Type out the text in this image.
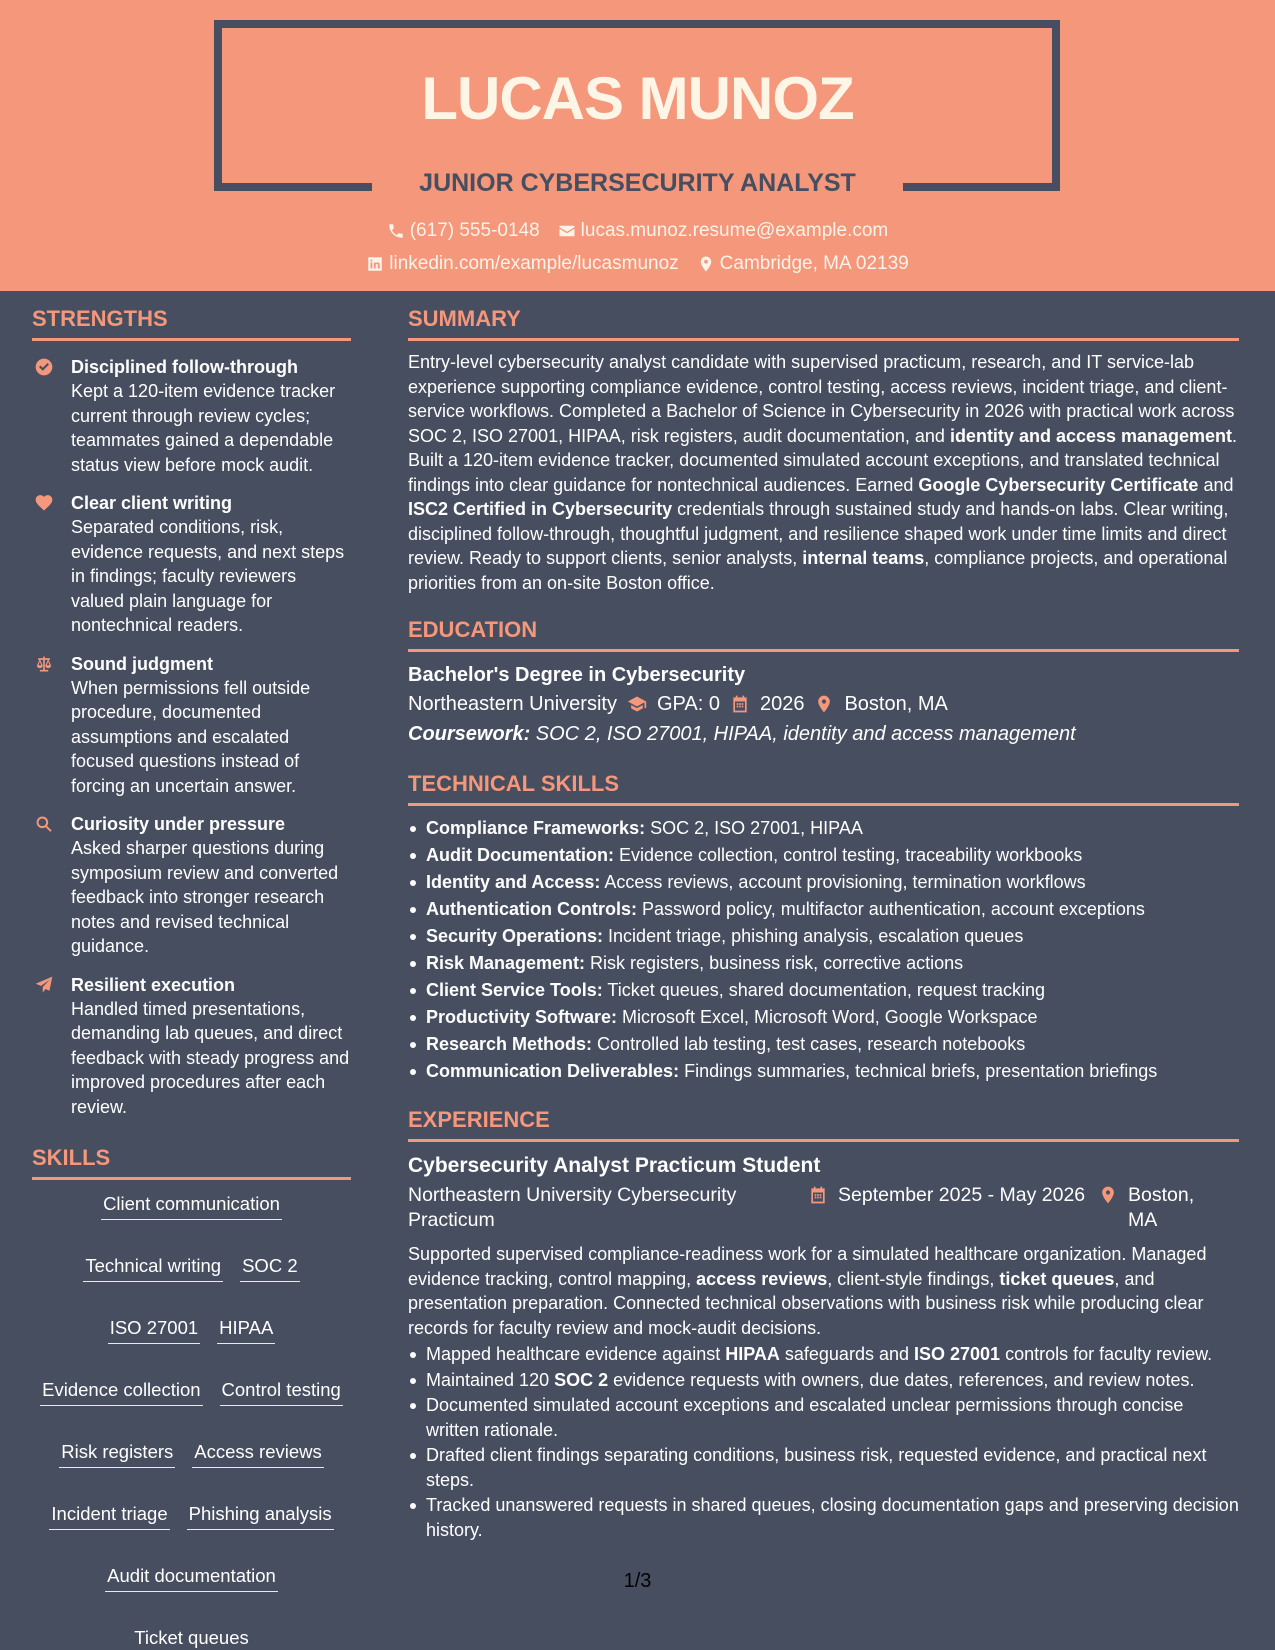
LUCAS MUNOZ
JUNIOR CYBERSECURITY ANALYST
(617) 555-0148 lucas.munoz.resume@example.com
linkedin.com/example/lucasmunoz Cambridge, MA 02139
STRENGTHS
Disciplined follow-through
Kept a 120-item evidence tracker current through review cycles; teammates gained a dependable status view before mock audit.
Clear client writing
Separated conditions, risk, evidence requests, and next steps in findings; faculty reviewers valued plain language for nontechnical readers.
Sound judgment
When permissions fell outside procedure, documented assumptions and escalated focused questions instead of forcing an uncertain answer.
Curiosity under pressure
Asked sharper questions during symposium review and converted feedback into stronger research notes and revised technical guidance.
Resilient execution
Handled timed presentations, demanding lab queues, and direct feedback with steady progress and improved procedures after each review.
SKILLS
Client communication
Technical writing SOC 2
ISO 27001 HIPAA
Evidence collection Control testing
Risk registers Access reviews
Incident triage Phishing analysis
Audit documentation
Ticket queues
SUMMARY

Entry-level cybersecurity analyst candidate with supervised practicum, research, and IT service-lab experience supporting compliance evidence, control testing, access reviews, incident triage, and client-service workflows. Completed a Bachelor of Science in Cybersecurity in 2026 with practical work across SOC 2, ISO 27001, HIPAA, risk registers, audit documentation, and identity and access management. Built a 120-item evidence tracker, documented simulated account exceptions, and translated technical findings into clear guidance for nontechnical audiences. Earned Google Cybersecurity Certificate and ISC2 Certified in Cybersecurity credentials through sustained study and hands-on labs. Clear writing, disciplined follow-through, thoughtful judgment, and resilience shaped work under time limits and direct review. Ready to support clients, senior analysts, internal teams, compliance projects, and operational priorities from an on-site Boston office.

EDUCATION
Bachelor's Degree in Cybersecurity
Northeastern University GPA: 0 2026 Boston, MA
Coursework: SOC 2, ISO 27001, HIPAA, identity and access management
TECHNICAL SKILLS
Compliance Frameworks: SOC 2, ISO 27001, HIPAA
Audit Documentation: Evidence collection, control testing, traceability workbooks
Identity and Access: Access reviews, account provisioning, termination workflows
Authentication Controls: Password policy, multifactor authentication, account exceptions
Security Operations: Incident triage, phishing analysis, escalation queues
Risk Management: Risk registers, business risk, corrective actions
Client Service Tools: Ticket queues, shared documentation, request tracking
Productivity Software: Microsoft Excel, Microsoft Word, Google Workspace
Research Methods: Controlled lab testing, test cases, research notebooks
Communication Deliverables: Findings summaries, technical briefs, presentation briefings
EXPERIENCE
Cybersecurity Analyst Practicum Student
Northeastern University Cybersecurity Practicum
September 2025 - May 2026 Boston, MA

Supported supervised compliance-readiness work for a simulated healthcare organization. Managed evidence tracking, control mapping, access reviews, client-style findings, ticket queues, and presentation preparation. Connected technical observations with business risk while producing clear records for faculty review and mock-audit decisions.

Mapped healthcare evidence against HIPAA safeguards and ISO 27001 controls for faculty review.
Maintained 120 SOC 2 evidence requests with owners, due dates, references, and review notes.
Documented simulated account exceptions and escalated unclear permissions through concise written rationale.
Drafted client findings separating conditions, business risk, requested evidence, and practical next steps.
Tracked unanswered requests in shared queues, closing documentation gaps and preserving decision history.
1/3
